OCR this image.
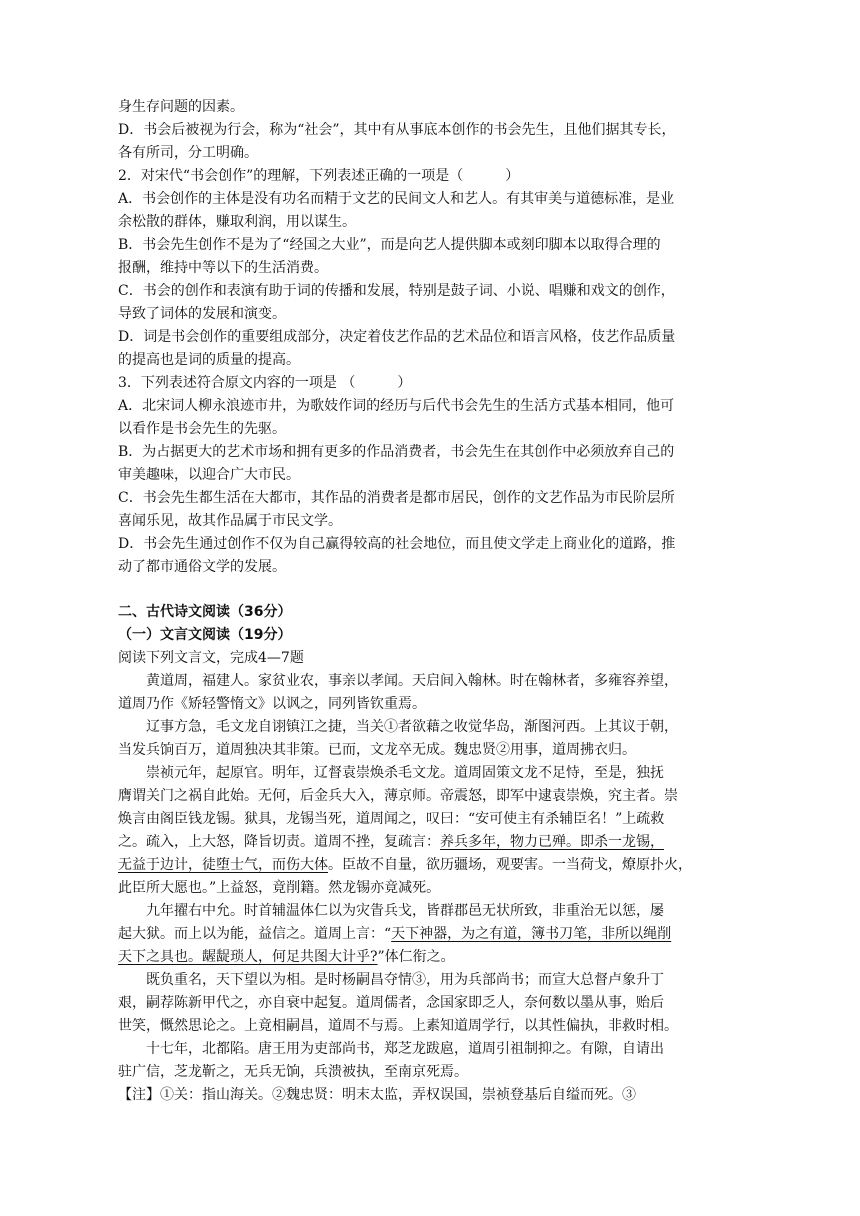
身生存问题的因素。
D．书会后被视为行会，称为“社会”，其中有从事底本创作的书会先生，且他们据其专长，
各有所司，分工明确。
2．对宋代“书会创作”的理解，下列表述正确的一项是（　　　）
A．书会创作的主体是没有功名而精于文艺的民间文人和艺人。有其审美与道德标准，是业
余松散的群体，赚取利润，用以谋生。
B．书会先生创作不是为了“经国之大业”，而是向艺人提供脚本或刻印脚本以取得合理的
报酬，维持中等以下的生活消费。
C．书会的创作和表演有助于词的传播和发展，特别是鼓子词、小说、唱赚和戏文的创作，
导致了词体的发展和演变。
D．词是书会创作的重要组成部分，决定着伎艺作品的艺术品位和语言风格，伎艺作品质量
的提高也是词的质量的提高。
3．下列表述符合原文内容的一项是 （　　　）
A．北宋词人柳永浪迹市井，为歌妓作词的经历与后代书会先生的生活方式基本相同，他可
以看作是书会先生的先驱。
B．为占据更大的艺术市场和拥有更多的作品消费者，书会先生在其创作中必须放弃自己的
审美趣味，以迎合广大市民。
C．书会先生都生活在大都市，其作品的消费者是都市居民，创作的文艺作品为市民阶层所
喜闻乐见，故其作品属于市民文学。
D．书会先生通过创作不仅为自己赢得较高的社会地位，而且使文学走上商业化的道路，推
动了都市通俗文学的发展。
二、古代诗文阅读（36分）
（一）文言文阅读（19分）
阅读下列文言文，完成4—7题
黄道周，福建人。家贫业农，事亲以孝闻。天启间入翰林。时在翰林者，多雍容养望，
道周乃作《矫轻警惰文》以讽之，同列皆钦重焉。
辽事方急，毛文龙自诩镇江之捷，当关①者欲藉之收觉华岛，渐图河西。上其议于朝，
当发兵饷百万，道周独决其非策。已而，文龙卒无成。魏忠贤②用事，道周拂衣归。
崇祯元年，起原官。明年，辽督袁崇焕杀毛文龙。道周固策文龙不足恃，至是，独抚
膺谓关门之祸自此始。无何，后金兵大入，薄京师。帝震怒，即军中逮袁崇焕，究主者。崇
焕言由阁臣钱龙锡。狱具，龙锡当死，道周闻之，叹曰：“安可使主有杀辅臣名！”上疏救
之。疏入，上大怒，降旨切责。道周不挫，复疏言：养兵多年，物力已殚。即杀一龙锡，
无益于边计，徒堕士气，而伤大体。臣故不自量，欲历疆场，观要害。一当荷戈，燎原扑火，
此臣所大愿也。”上益怒，竟削籍。然龙锡亦竟减死。
九年擢右中允。时首辅温体仁以为灾眚兵戈，皆群郡邑无状所致，非重治无以惩，屡
起大狱。而上以为能，益信之。道周上言：“天下神器，为之有道，簿书刀笔，非所以绳削
天下之具也。龌龊琐人，何足共图大计乎?”体仁衔之。
既负重名，天下望以为相。是时杨嗣昌夺情③，用为兵部尚书；而宣大总督卢象升丁
艰，嗣荐陈新甲代之，亦自衰中起复。道周儒者，念国家即乏人，奈何数以墨从事，贻后
世笑，慨然思论之。上竟相嗣昌，道周不与焉。上素知道周学行，以其性偏执，非救时相。
十七年，北都陷。唐王用为吏部尚书，郑芝龙跋扈，道周引祖制抑之。有隙，自请出
驻广信，芝龙靳之，无兵无饷，兵溃被执，至南京死焉。
【注】①关：指山海关。②魏忠贤：明末太监，弄权误国，崇祯登基后自缢而死。③
